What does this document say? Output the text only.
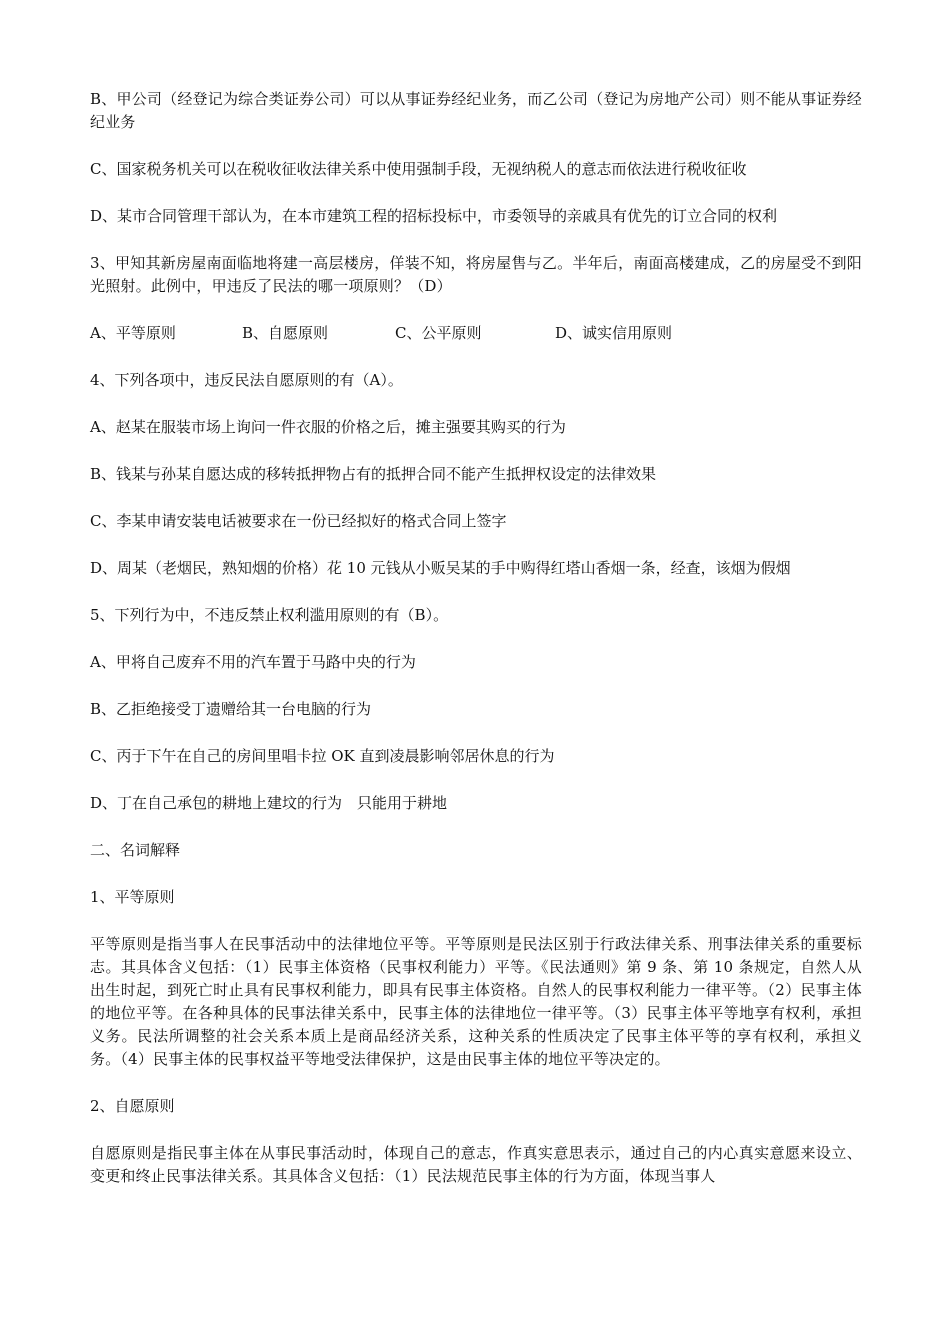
B、甲公司（经登记为综合类证券公司）可以从事证券经纪业务，而乙公司（登记为房地产公司）则不能从事证券经纪业务

C、国家税务机关可以在税收征收法律关系中使用强制手段，无视纳税人的意志而依法进行税收征收

D、某市合同管理干部认为，在本市建筑工程的招标投标中，市委领导的亲戚具有优先的订立合同的权利

3、甲知其新房屋南面临地将建一高层楼房，佯装不知，将房屋售与乙。半年后，南面高楼建成，乙的房屋受不到阳光照射。此例中，甲违反了民法的哪一项原则？（D）

A、平等原则	B、自愿原则	C、公平原则	D、诚实信用原则

4、下列各项中，违反民法自愿原则的有（A）。

A、赵某在服装市场上询问一件衣服的价格之后，摊主强要其购买的行为

B、钱某与孙某自愿达成的移转抵押物占有的抵押合同不能产生抵押权设定的法律效果

C、李某申请安装电话被要求在一份已经拟好的格式合同上签字

D、周某（老烟民，熟知烟的价格）花 10 元钱从小贩吴某的手中购得红塔山香烟一条，经查，该烟为假烟

5、下列行为中，不违反禁止权利滥用原则的有（B）。

A、甲将自己废弃不用的汽车置于马路中央的行为

B、乙拒绝接受丁遗赠给其一台电脑的行为

C、丙于下午在自己的房间里唱卡拉 OK 直到凌晨影响邻居休息的行为

D、丁在自己承包的耕地上建坟的行为　只能用于耕地

二、名词解释

1、平等原则

平等原则是指当事人在民事活动中的法律地位平等。平等原则是民法区别于行政法律关系、刑事法律关系的重要标志。其具体含义包括：（1）民事主体资格（民事权利能力）平等。《民法通则》第 9 条、第 10 条规定，自然人从出生时起，到死亡时止具有民事权利能力，即具有民事主体资格。自然人的民事权利能力一律平等。（2）民事主体的地位平等。在各种具体的民事法律关系中，民事主体的法律地位一律平等。（3）民事主体平等地享有权利，承担义务。民法所调整的社会关系本质上是商品经济关系，这种关系的性质决定了民事主体平等的享有权利，承担义务。（4）民事主体的民事权益平等地受法律保护，这是由民事主体的地位平等决定的。

2、自愿原则

自愿原则是指民事主体在从事民事活动时，体现自己的意志，作真实意思表示，通过自己的内心真实意愿来设立、变更和终止民事法律关系。其具体含义包括：（1）民法规范民事主体的行为方面，体现当事人
